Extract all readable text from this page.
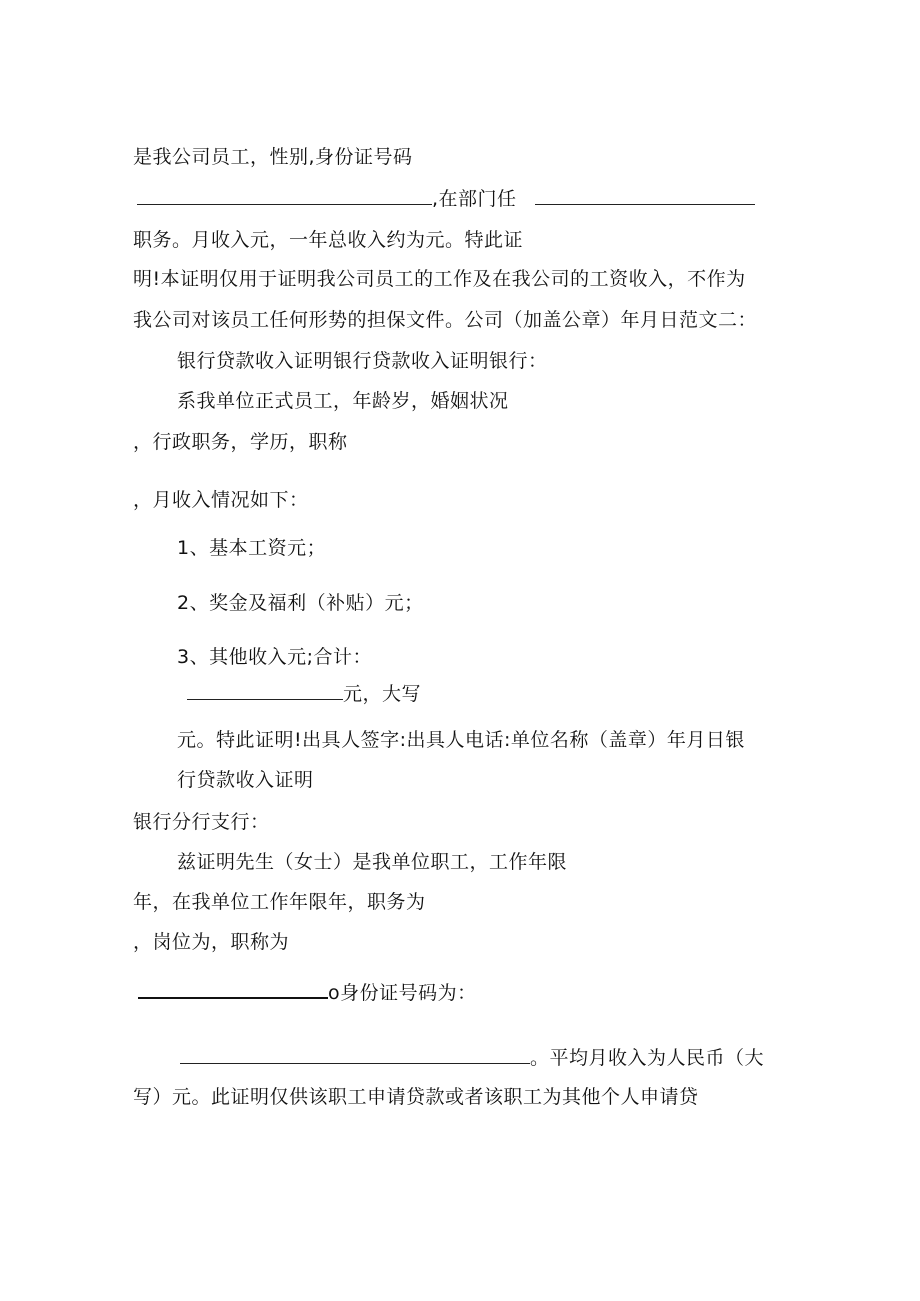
是我公司员工，性别,身份证号码
,在部门任
职务。月收入元，一年总收入约为元。特此证
明!本证明仅用于证明我公司员工的工作及在我公司的工资收入，不作为
我公司对该员工任何形势的担保文件。公司（加盖公章）年月日范文二：
银行贷款收入证明银行贷款收入证明银行：
系我单位正式员工，年龄岁，婚姻状况
，行政职务，学历，职称
，月收入情况如下：
1、基本工资元；
2、奖金及福利（补贴）元；
3、其他收入元;合计：
元，大写
元。特此证明!出具人签字:出具人电话:单位名称（盖章）年月日银
行贷款收入证明
银行分行支行：
兹证明先生（女士）是我单位职工，工作年限
年，在我单位工作年限年，职务为
，岗位为，职称为
o身份证号码为：
。平均月收入为人民币（大
写）元。此证明仅供该职工申请贷款或者该职工为其他个人申请贷
